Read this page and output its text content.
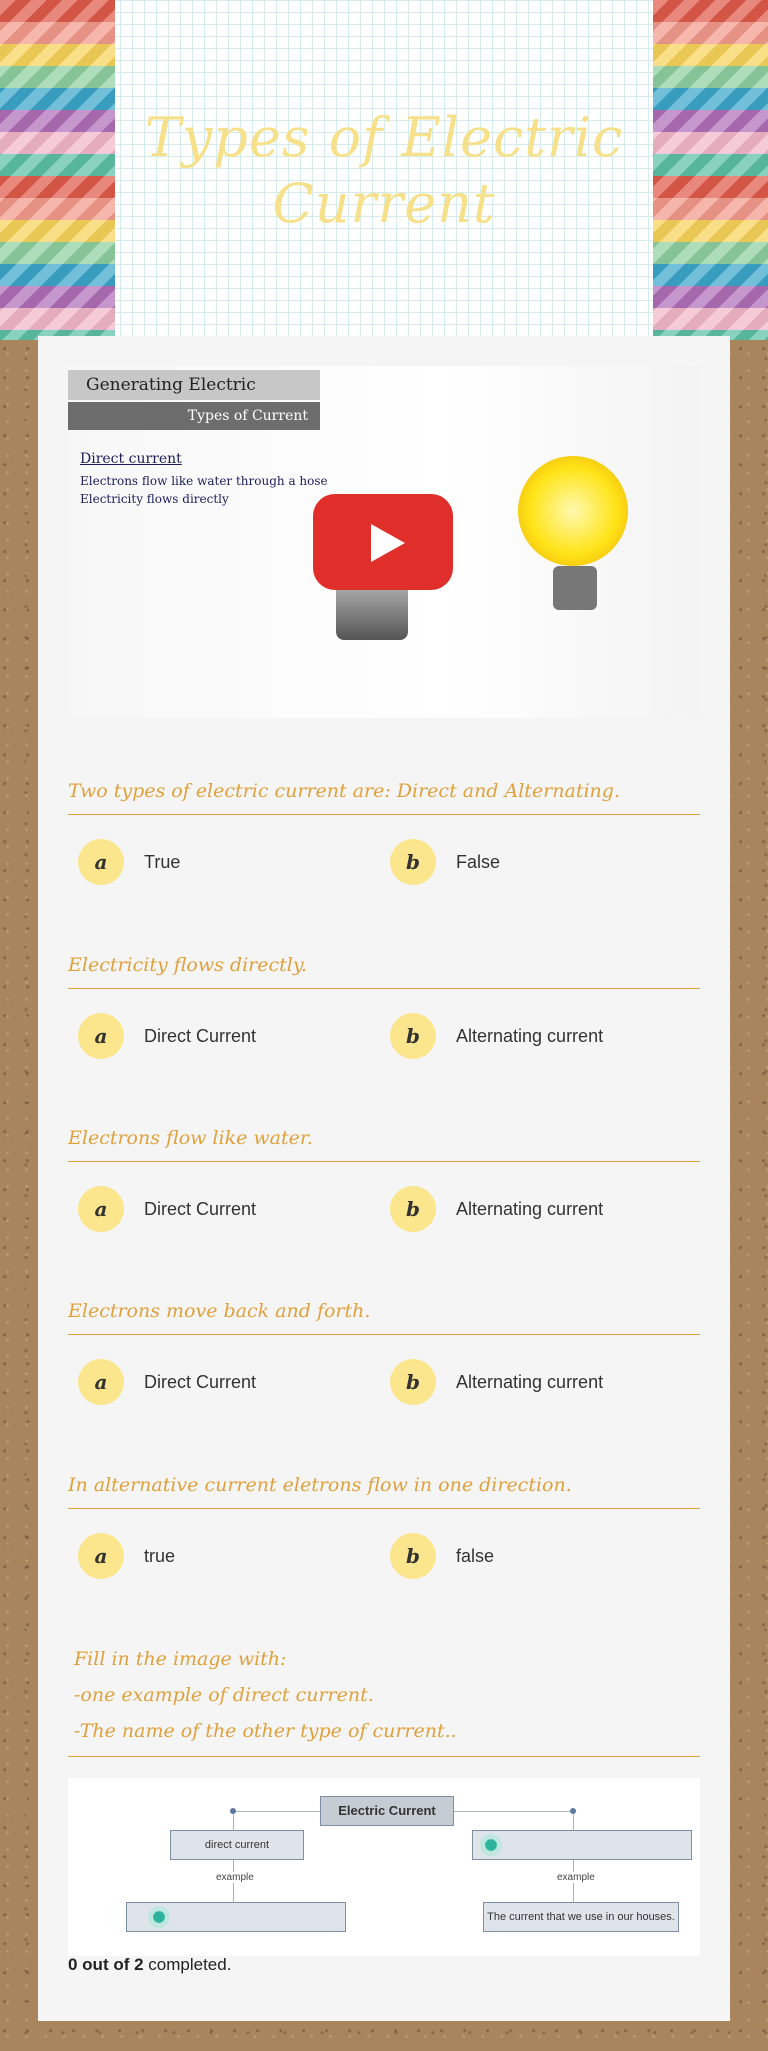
Types of Electric Current
Generating Electric
Types of Current
Direct current
Electrons flow like water through a hose
Electricity flows directly
Two types of electric current are: Direct and Alternating.
a	True	b	False
Electricity flows directly.
a	Direct Current	b	Alternating current
Electrons flow like water.
a	Direct Current	b	Alternating current
Electrons move back and forth.
a	Direct Current	b	Alternating current
In alternative current eletrons flow in one direction.
a	true	b	false
Fill in the image with:
-one example of direct current.
-The name of the other type of current..
Electric Current
direct current
example	example
The current that we use in our houses.
0 out of 2 completed.
